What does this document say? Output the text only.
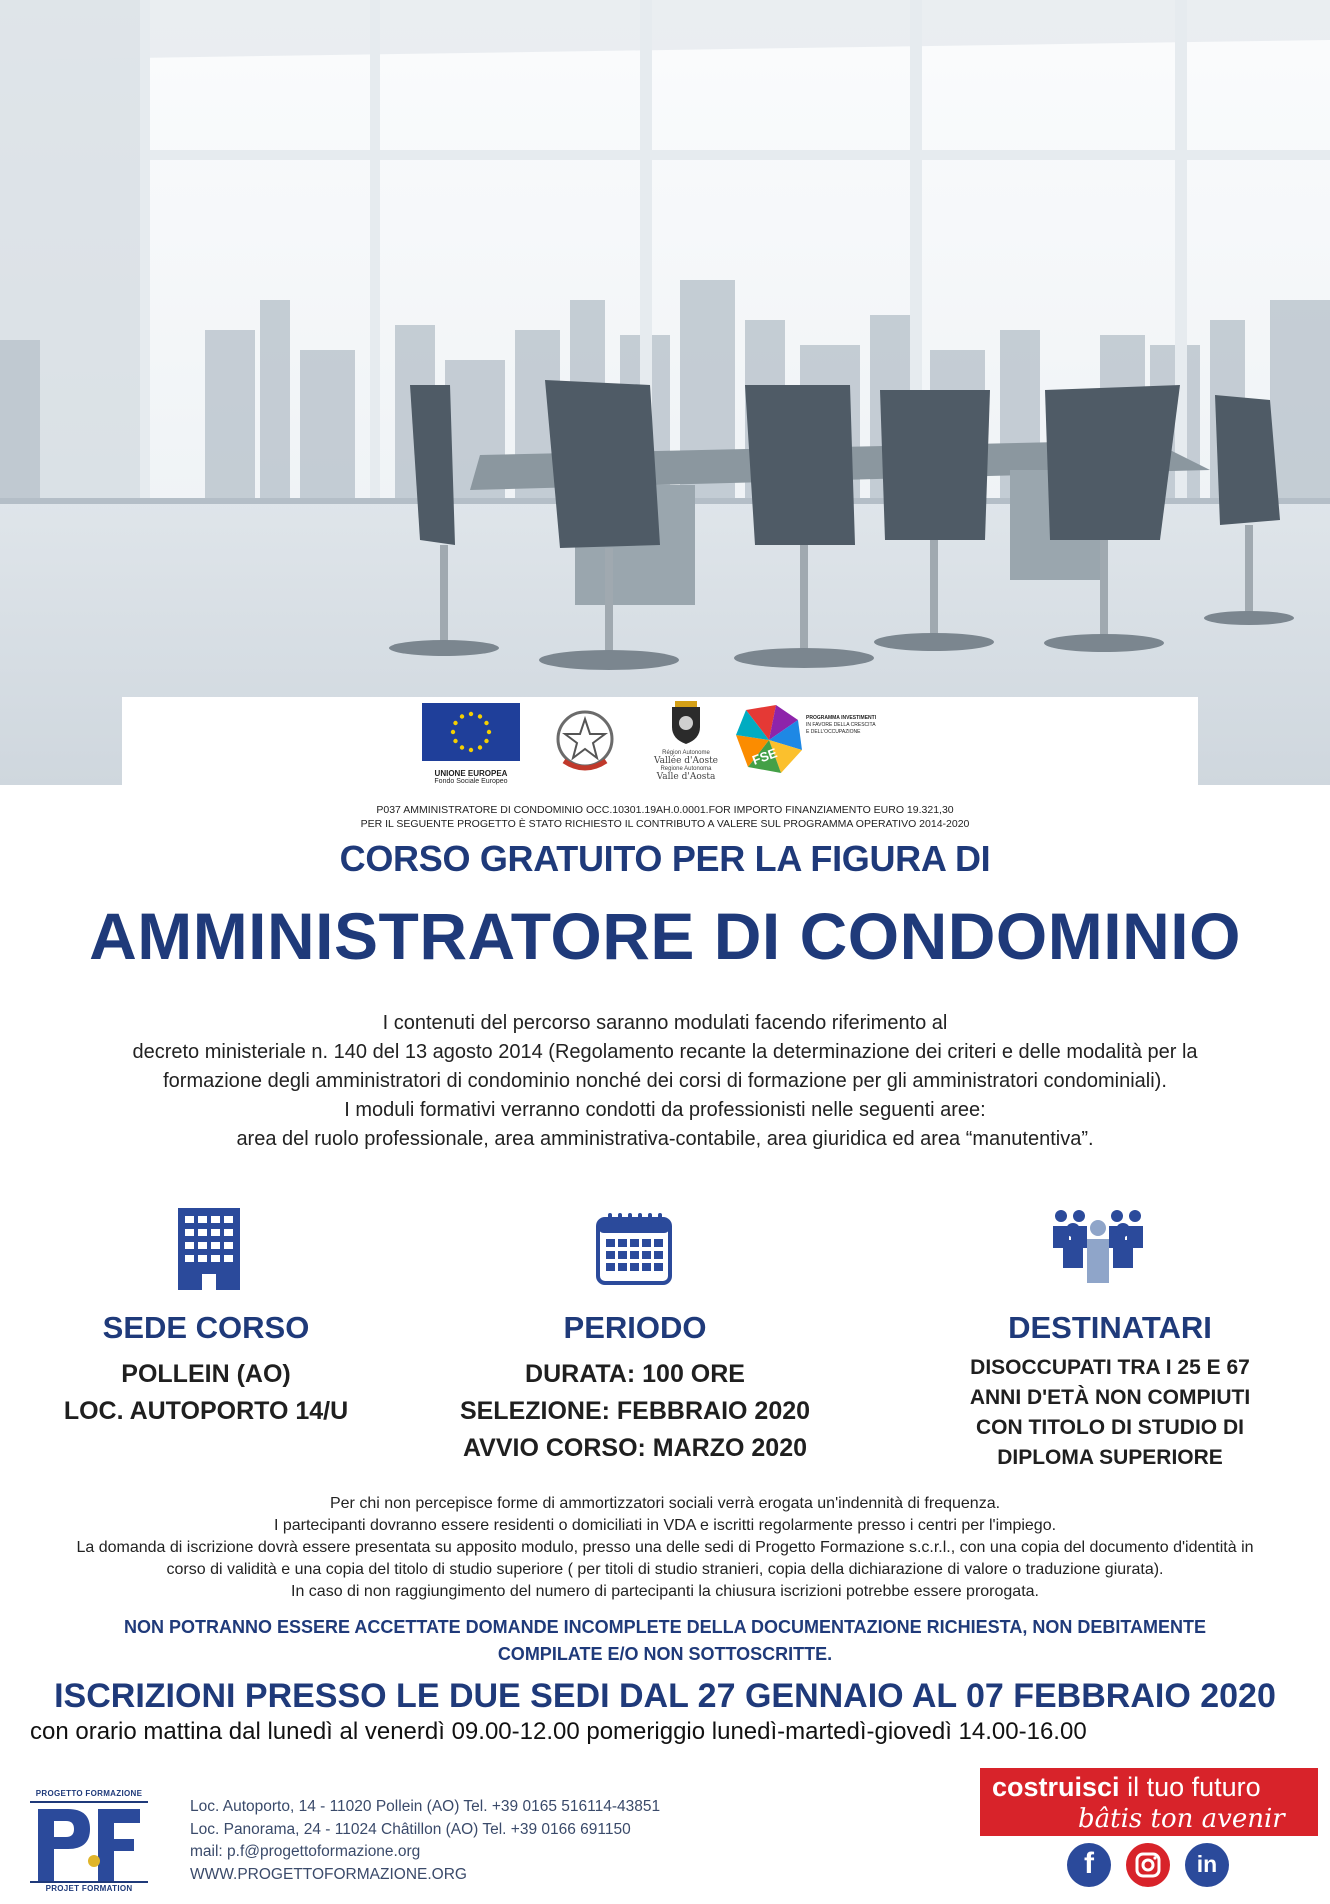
UNIONE EUROPEA
Fondo Sociale Europeo
Région Autonome
Vallée d'Aoste
Regione Autonoma
Valle d'Aosta
FSE
PROGRAMMA INVESTIMENTI
IN FAVORE DELLA CRESCITA
E DELL'OCCUPAZIONE
P037 AMMINISTRATORE DI CONDOMINIO OCC.10301.19AH.0.0001.FOR IMPORTO FINANZIAMENTO EURO 19.321,30
PER IL SEGUENTE PROGETTO È STATO RICHIESTO IL CONTRIBUTO A VALERE SUL PROGRAMMA OPERATIVO 2014-2020
CORSO GRATUITO PER LA FIGURA DI
AMMINISTRATORE DI CONDOMINIO
I contenuti del percorso saranno modulati facendo riferimento al
decreto ministeriale n. 140 del 13 agosto 2014 (Regolamento recante la determinazione dei criteri e delle modalità per la
formazione degli amministratori di condominio nonché dei corsi di formazione per gli amministratori condominiali).
I moduli formativi verranno condotti da professionisti nelle seguenti aree:
area del ruolo professionale, area amministrativa-contabile, area giuridica ed area “manutentiva”.
SEDE CORSO
POLLEIN (AO)
LOC. AUTOPORTO 14/U
PERIODO
DURATA: 100 ORE
SELEZIONE: FEBBRAIO 2020
AVVIO CORSO: MARZO 2020
DESTINATARI
DISOCCUPATI TRA I 25 E 67
ANNI D'ETÀ NON COMPIUTI
CON TITOLO DI STUDIO DI
DIPLOMA SUPERIORE
Per chi non percepisce forme di ammortizzatori sociali verrà erogata un'indennità di frequenza.
I partecipanti dovranno essere residenti o domiciliati in VDA e iscritti regolarmente presso i centri per l'impiego.
La domanda di iscrizione dovrà essere presentata su apposito modulo, presso una delle sedi di Progetto Formazione s.c.r.l., con una copia del documento d'identità in
corso di validità e una copia del titolo di studio superiore ( per titoli di studio stranieri, copia della dichiarazione di valore o traduzione giurata).
In caso di non raggiungimento del numero di partecipanti la chiusura iscrizioni potrebbe essere prorogata.
NON POTRANNO ESSERE ACCETTATE DOMANDE INCOMPLETE DELLA DOCUMENTAZIONE RICHIESTA, NON DEBITAMENTE
COMPILATE E/O NON SOTTOSCRITTE.
ISCRIZIONI PRESSO LE DUE SEDI DAL 27 GENNAIO AL 07 FEBBRAIO 2020
con orario mattina dal lunedì al venerdì 09.00-12.00 pomeriggio lunedì-martedì-giovedì 14.00-16.00
PROGETTO FORMAZIONE
PROJET FORMATION
Loc. Autoporto, 14 - 11020 Pollein (AO) Tel. +39 0165 516114-43851
Loc. Panorama, 24 - 11024 Châtillon (AO) Tel. +39 0166 691150
mail: p.f@progettoformazione.org
WWW.PROGETTOFORMAZIONE.ORG
costruisci il tuo futuro
bâtis ton avenir
f	in
